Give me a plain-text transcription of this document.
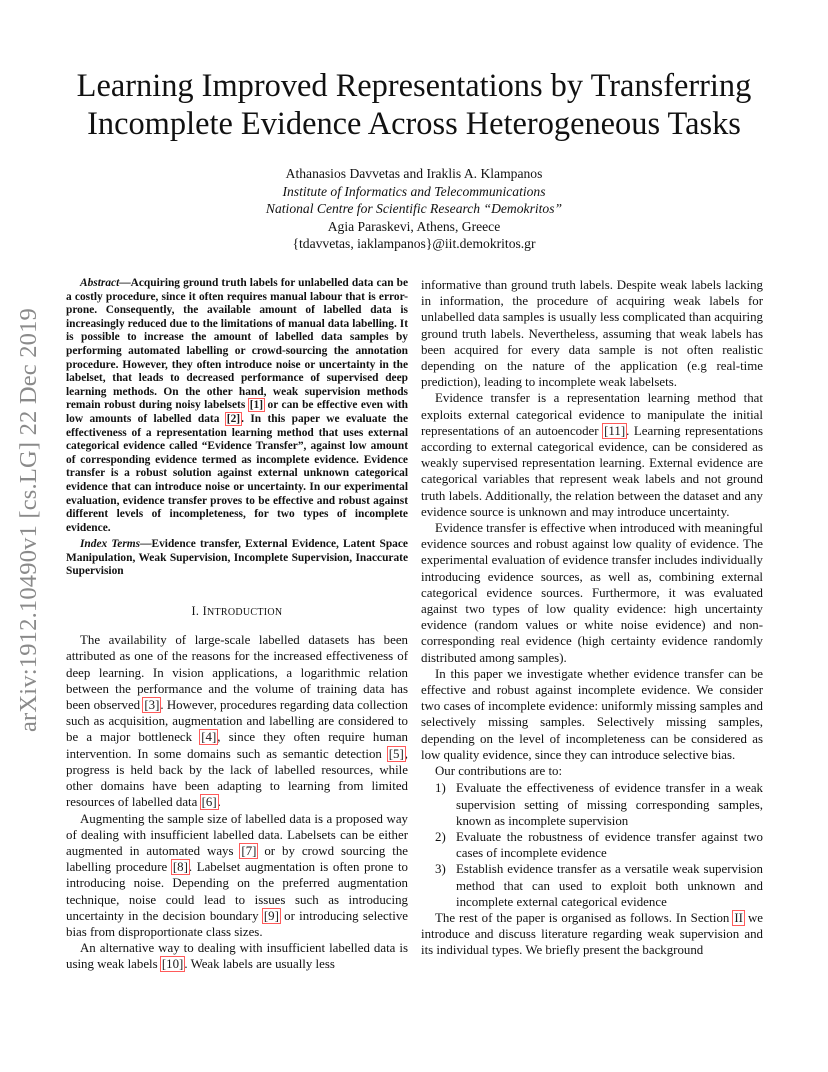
arXiv:1912.10490v1 [cs.LG] 22 Dec 2019
Learning Improved Representations by Transferring
Incomplete Evidence Across Heterogeneous Tasks
Athanasios Davvetas and Iraklis A. Klampanos
Institute of Informatics and Telecommunications
National Centre for Scientific Research “Demokritos”
Agia Paraskevi, Athens, Greece
{tdavvetas, iaklampanos}@iit.demokritos.gr

Abstract—Acquiring ground truth labels for unlabelled data can be a costly procedure, since it often requires manual labour that is error-prone. Consequently, the available amount of labelled data is increasingly reduced due to the limitations of manual data labelling. It is possible to increase the amount of labelled data samples by performing automated labelling or crowd-sourcing the annotation procedure. However, they often introduce noise or uncertainty in the labelset, that leads to decreased performance of supervised deep learning methods. On the other hand, weak supervision methods remain robust during noisy labelsets [1] or can be effective even with low amounts of labelled data [2]. In this paper we evaluate the effectiveness of a representation learning method that uses external categorical evidence called “Evidence Transfer”, against low amount of corresponding evidence termed as incomplete evidence. Evidence transfer is a robust solution against external unknown categorical evidence that can introduce noise or uncertainty. In our experimental evaluation, evidence transfer proves to be effective and robust against different levels of incompleteness, for two types of incomplete evidence.

Index Terms—Evidence transfer, External Evidence, Latent Space Manipulation, Weak Supervision, Incomplete Supervision, Inaccurate Supervision

I. INTRODUCTION

The availability of large-scale labelled datasets has been attributed as one of the reasons for the increased effectiveness of deep learning. In vision applications, a logarithmic relation between the performance and the volume of training data has been observed [3]. However, procedures regarding data collection such as acquisition, augmentation and labelling are considered to be a major bottleneck [4], since they often require human intervention. In some domains such as semantic detection [5], progress is held back by the lack of labelled resources, while other domains have been adapting to learning from limited resources of labelled data [6].

Augmenting the sample size of labelled data is a proposed way of dealing with insufficient labelled data. Labelsets can be either augmented in automated ways [7] or by crowd sourcing the labelling procedure [8]. Labelset augmentation is often prone to introducing noise. Depending on the preferred augmentation technique, noise could lead to issues such as introducing uncertainty in the decision boundary [9] or introducing selective bias from disproportionate class sizes.

An alternative way to dealing with insufficient labelled data is using weak labels [10]. Weak labels are usually less

informative than ground truth labels. Despite weak labels lacking in information, the procedure of acquiring weak labels for unlabelled data samples is usually less complicated than acquiring ground truth labels. Nevertheless, assuming that weak labels has been acquired for every data sample is not often realistic depending on the nature of the application (e.g real-time prediction), leading to incomplete weak labelsets.

Evidence transfer is a representation learning method that exploits external categorical evidence to manipulate the initial representations of an autoencoder [11]. Learning representations according to external categorical evidence, can be considered as weakly supervised representation learning. External evidence are categorical variables that represent weak labels and not ground truth labels. Additionally, the relation between the dataset and any evidence source is unknown and may introduce uncertainty.

Evidence transfer is effective when introduced with meaningful evidence sources and robust against low quality of evidence. The experimental evaluation of evidence transfer includes individually introducing evidence sources, as well as, combining external categorical evidence sources. Furthermore, it was evaluated against two types of low quality evidence: high uncertainty evidence (random values or white noise evidence) and non-corresponding real evidence (high certainty evidence randomly distributed among samples).

In this paper we investigate whether evidence transfer can be effective and robust against incomplete evidence. We consider two cases of incomplete evidence: uniformly missing samples and selectively missing samples. Selectively missing samples, depending on the level of incompleteness can be considered as low quality evidence, since they can introduce selective bias.

Our contributions are to:

1) Evaluate the effectiveness of evidence transfer in a weak supervision setting of missing corresponding samples, known as incomplete supervision
2) Evaluate the robustness of evidence transfer against two cases of incomplete evidence
3) Establish evidence transfer as a versatile weak supervision method that can used to exploit both unknown and incomplete external categorical evidence

The rest of the paper is organised as follows. In Section II we introduce and discuss literature regarding weak supervision and its individual types. We briefly present the background
